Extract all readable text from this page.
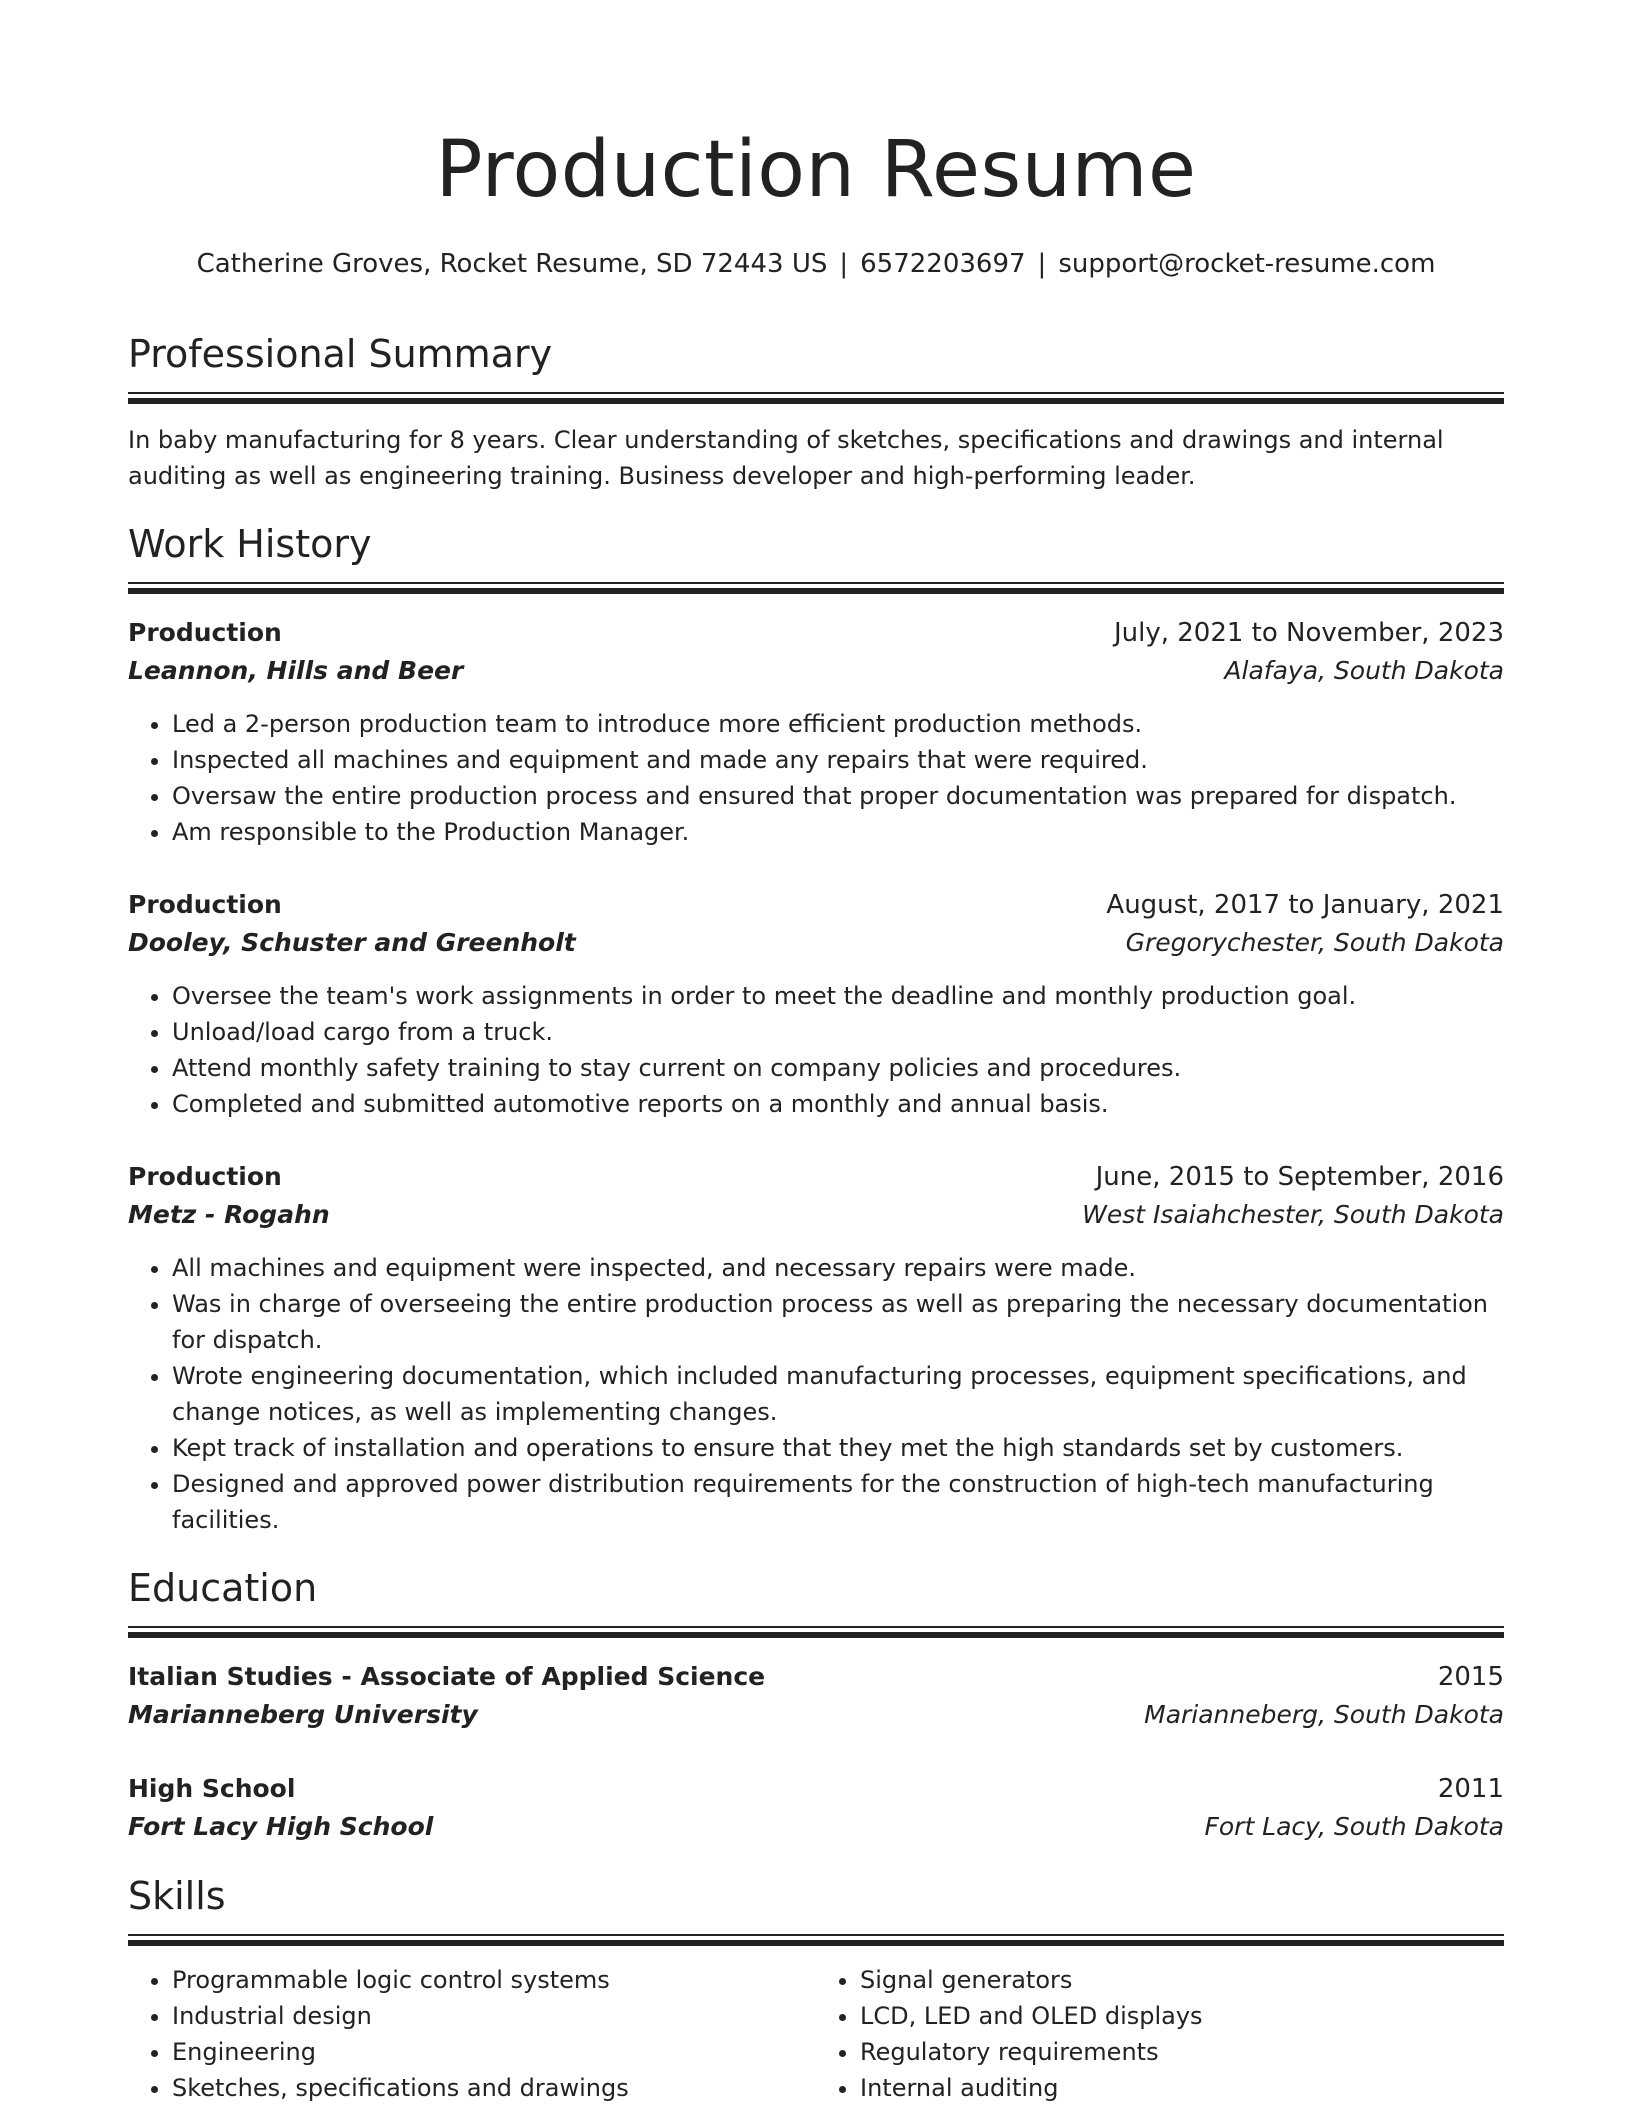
Production Resume
Catherine Groves, Rocket Resume, SD 72443 US | 6572203697 | support@rocket-resume.com
Professional Summary

In baby manufacturing for 8 years. Clear understanding of sketches, specifications and drawings and internal auditing as well as engineering training. Business developer and high-performing leader.

Work History
Production	July, 2021 to November, 2023
Leannon, Hills and Beer	Alafaya, South Dakota
• Led a 2-person production team to introduce more efficient production methods.
• Inspected all machines and equipment and made any repairs that were required.
• Oversaw the entire production process and ensured that proper documentation was prepared for dispatch.
• Am responsible to the Production Manager.
Production	August, 2017 to January, 2021
Dooley, Schuster and Greenholt	Gregorychester, South Dakota
• Oversee the team's work assignments in order to meet the deadline and monthly production goal.
• Unload/load cargo from a truck.
• Attend monthly safety training to stay current on company policies and procedures.
• Completed and submitted automotive reports on a monthly and annual basis.
Production	June, 2015 to September, 2016
Metz - Rogahn	West Isaiahchester, South Dakota
• All machines and equipment were inspected, and necessary repairs were made.
• Was in charge of overseeing the entire production process as well as preparing the necessary documentation for dispatch.
• Wrote engineering documentation, which included manufacturing processes, equipment specifications, and change notices, as well as implementing changes.
• Kept track of installation and operations to ensure that they met the high standards set by customers.
• Designed and approved power distribution requirements for the construction of high-tech manufacturing facilities.
Education
Italian Studies - Associate of Applied Science	2015
Marianneberg University	Marianneberg, South Dakota
High School	2011
Fort Lacy High School	Fort Lacy, South Dakota
Skills
• Programmable logic control systems
• Industrial design
• Engineering
• Sketches, specifications and drawings
• Signal generators
• LCD, LED and OLED displays
• Regulatory requirements
• Internal auditing
